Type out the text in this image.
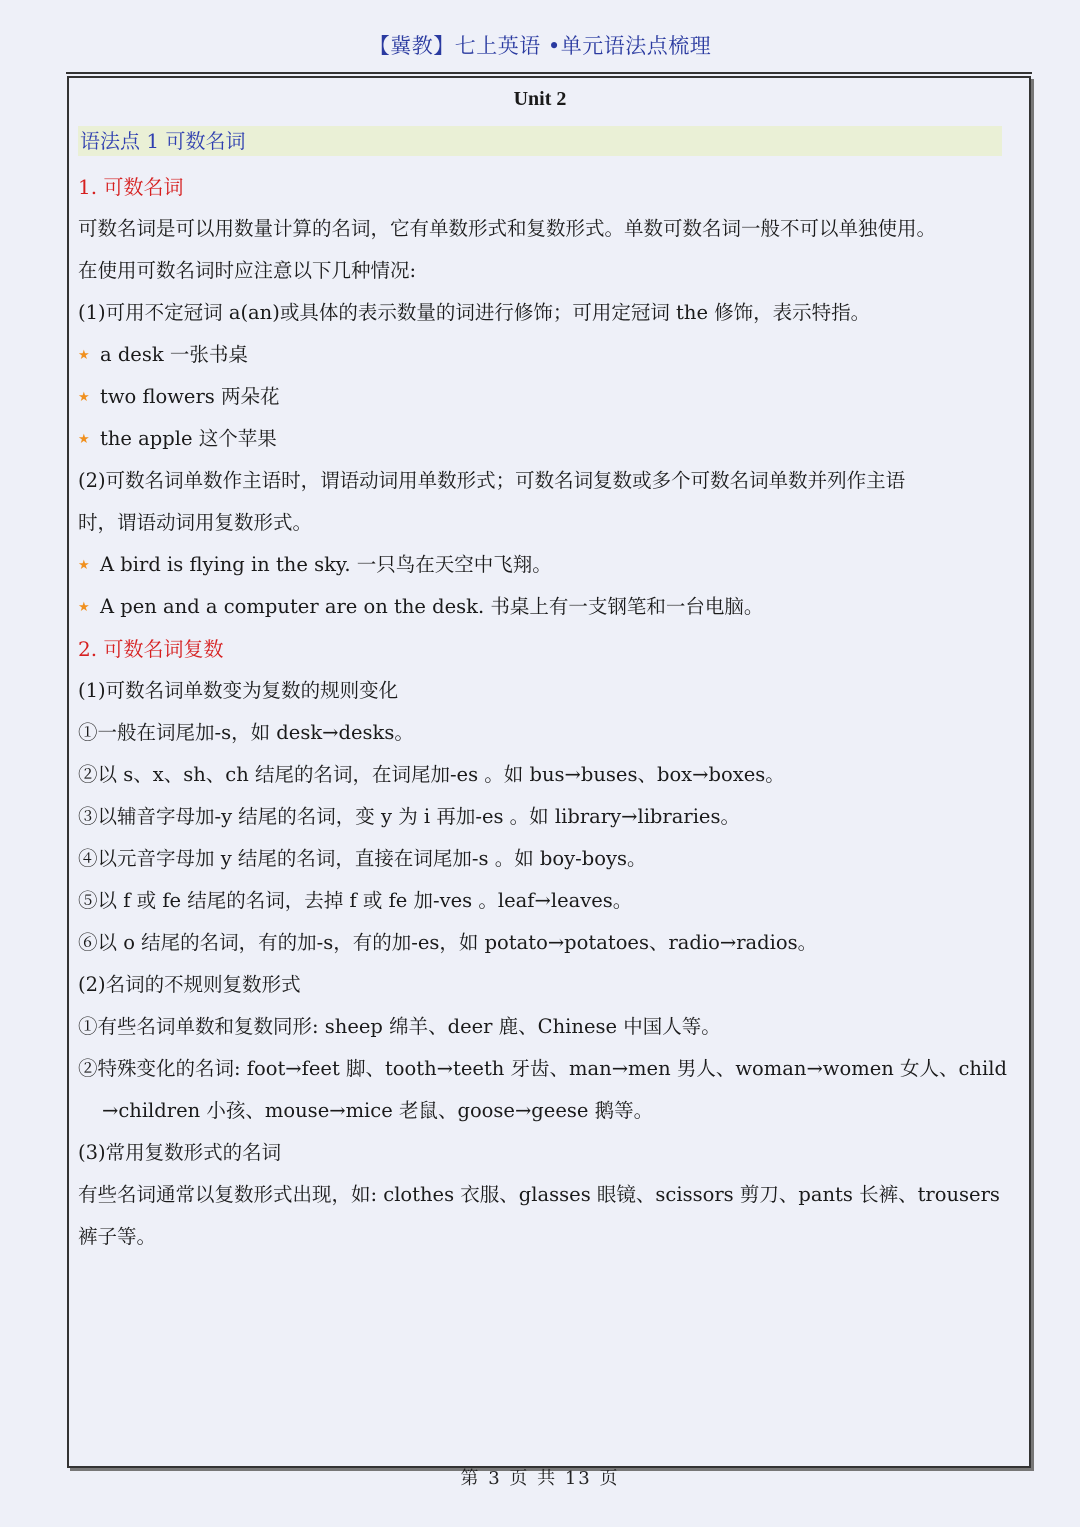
【冀教】七上英语 •单元语法点梳理
Unit 2
语法点 1 可数名词
1. 可数名词
可数名词是可以用数量计算的名词，它有单数形式和复数形式。单数可数名词一般不可以单独使用。
在使用可数名词时应注意以下几种情况:
(1)可用不定冠词 a(an)或具体的表示数量的词进行修饰；可用定冠词 the 修饰，表示特指。
★ a desk 一张书桌
★ two flowers 两朵花
★ the apple 这个苹果
(2)可数名词单数作主语时，谓语动词用单数形式；可数名词复数或多个可数名词单数并列作主语
时，谓语动词用复数形式。
★ A bird is flying in the sky. 一只鸟在天空中飞翔。
★ A pen and a computer are on the desk. 书桌上有一支钢笔和一台电脑。
2. 可数名词复数
(1)可数名词单数变为复数的规则变化
①一般在词尾加-s，如 desk→desks。
②以 s、x、sh、ch 结尾的名词，在词尾加-es 。如 bus→buses、box→boxes。
③以辅音字母加-y 结尾的名词，变 y 为 i 再加-es 。如 library→libraries。
④以元音字母加 y 结尾的名词，直接在词尾加-s 。如 boy-boys。
⑤以 f 或 fe 结尾的名词，去掉 f 或 fe 加-ves 。leaf→leaves。
⑥以 o 结尾的名词，有的加-s，有的加-es，如 potato→potatoes、radio→radios。
(2)名词的不规则复数形式
①有些名词单数和复数同形: sheep 绵羊、deer 鹿、Chinese 中国人等。
②特殊变化的名词: foot→feet 脚、tooth→teeth 牙齿、man→men 男人、woman→women 女人、child
→children 小孩、mouse→mice 老鼠、goose→geese 鹅等。
(3)常用复数形式的名词
有些名词通常以复数形式出现，如: clothes 衣服、glasses 眼镜、scissors 剪刀、pants 长裤、trousers
裤子等。
第 3 页 共 13 页
